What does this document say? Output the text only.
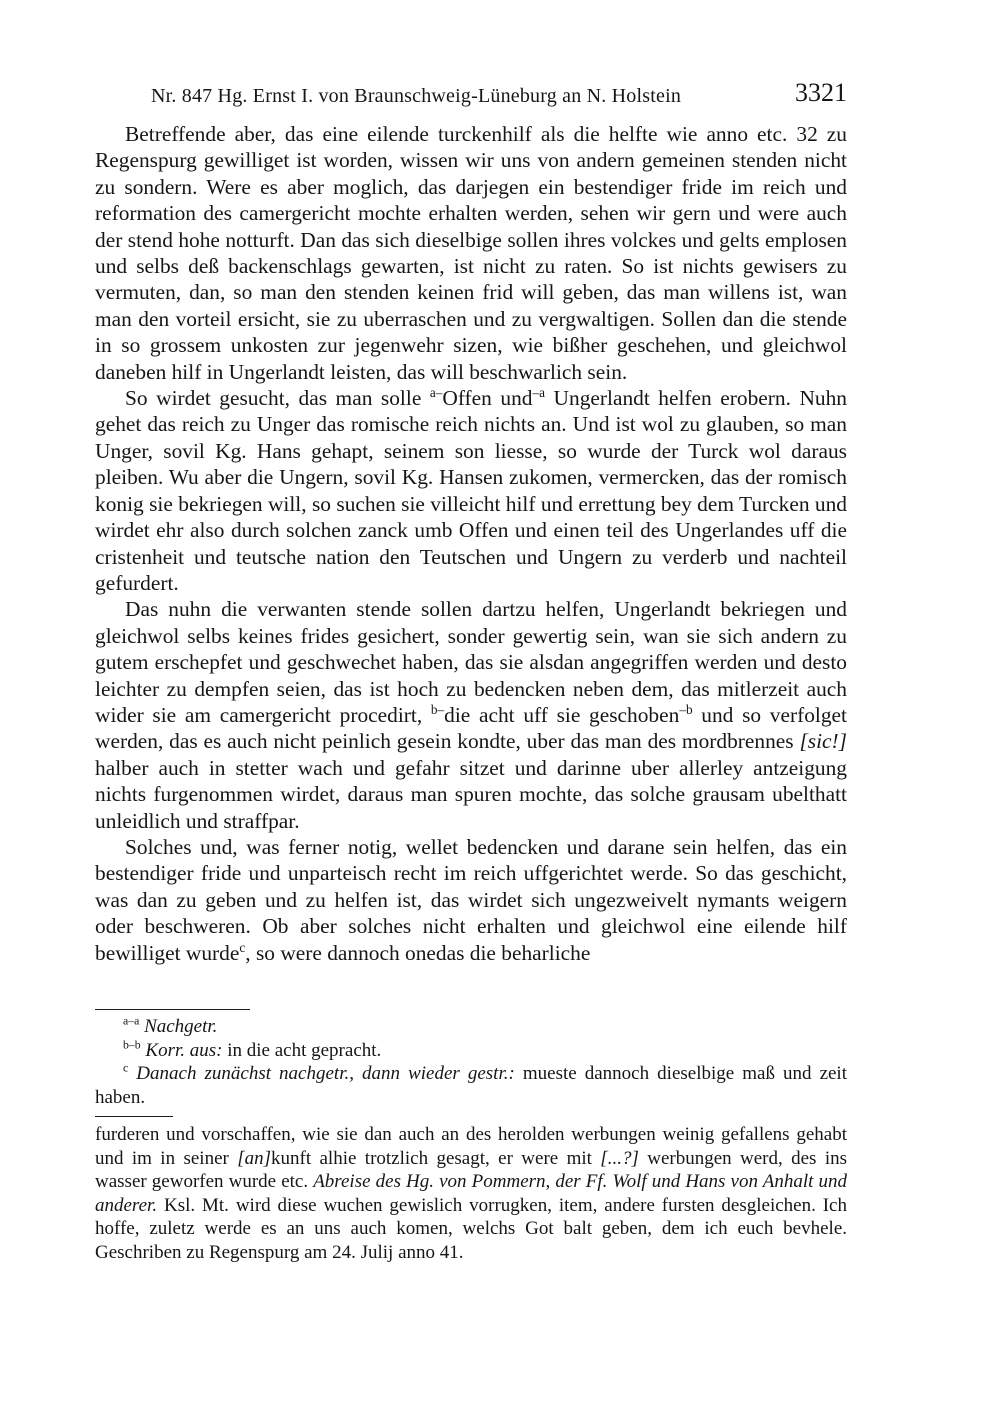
Nr. 847 Hg. Ernst I. von Braunschweig-Lüneburg an N. Holstein	3321

Betreffende aber, das eine eilende turckenhilf als die helfte wie anno etc. 32 zu Regenspurg gewilliget ist worden, wissen wir uns von andern gemeinen stenden nicht zu sondern. Were es aber moglich, das darjegen ein bestendiger fride im reich und reformation des camergericht mochte erhalten werden, sehen wir gern und were auch der stend hohe notturft. Dan das sich dieselbige sollen ihres volckes und gelts emplosen und selbs deß backenschlags gewarten, ist nicht zu raten. So ist nichts gewisers zu vermuten, dan, so man den stenden keinen frid will geben, das man willens ist, wan man den vorteil ersicht, sie zu uberraschen und zu vergwaltigen. Sollen dan die stende in so grossem unkosten zur jegenwehr sizen, wie bißher geschehen, und gleichwol daneben hilf in Ungerlandt leisten, das will beschwarlich sein.

So wirdet gesucht, das man solle $^{a-}$Offen und$^{-a}$ Ungerlandt helfen erobern. Nuhn gehet das reich zu Unger das romische reich nichts an. Und ist wol zu glauben, so man Unger, sovil Kg. Hans gehapt, seinem son liesse, so wurde der Turck wol daraus pleiben. Wu aber die Ungern, sovil Kg. Hansen zukomen, vermercken, das der romisch konig sie bekriegen will, so suchen sie villeicht hilf und errettung bey dem Turcken und wirdet ehr also durch solchen zanck umb Offen und einen teil des Ungerlandes uff die cristenheit und teutsche nation den Teutschen und Ungern zu verderb und nachteil gefurdert.

Das nuhn die verwanten stende sollen dartzu helfen, Ungerlandt bekriegen und gleichwol selbs keines frides gesichert, sonder gewertig sein, wan sie sich andern zu gutem erschepfet und geschwechet haben, das sie alsdan angegriffen werden und desto leichter zu dempfen seien, das ist hoch zu bedencken neben dem, das mitlerzeit auch wider sie am camergericht procedirt, $^{b-}$die acht uff sie geschoben$^{-b}$ und so verfolget werden, das es auch nicht peinlich gesein kondte, uber das man des mordbrennes [sic!] halber auch in stetter wach und gefahr sitzet und darinne uber allerley antzeigung nichts furgenommen wirdet, daraus man spuren mochte, das solche grausam ubelthatt unleidlich und straffpar.

Solches und, was ferner notig, wellet bedencken und darane sein helfen, das ein bestendiger fride und unparteisch recht im reich uffgerichtet werde. So das geschicht, was dan zu geben und zu helfen ist, das wirdet sich ungezweivelt nymants weigern oder beschweren. Ob aber solches nicht erhalten und gleichwol eine eilende hilf bewilliget wurde$^c$, so were dannoch onedas die beharliche

$^{a-a}$ Nachgetr.

$^{b-b}$ Korr. aus: in die acht gepracht.

$^c$ Danach zunächst nachgetr., dann wieder gestr.: mueste dannoch dieselbige maß und zeit haben.

furderen und vorschaffen, wie sie dan auch an des herolden werbungen weinig gefallens gehabt und im in seiner [an]kunft alhie trotzlich gesagt, er were mit [...?] werbungen werd, des ins wasser geworfen wurde etc. Abreise des Hg. von Pommern, der Ff. Wolf und Hans von Anhalt und anderer. Ksl. Mt. wird diese wuchen gewislich vorrugken, item, andere fursten desgleichen. Ich hoffe, zuletz werde es an uns auch komen, welchs Got balt geben, dem ich euch bevhele. Geschriben zu Regenspurg am 24. Julij anno 41.
